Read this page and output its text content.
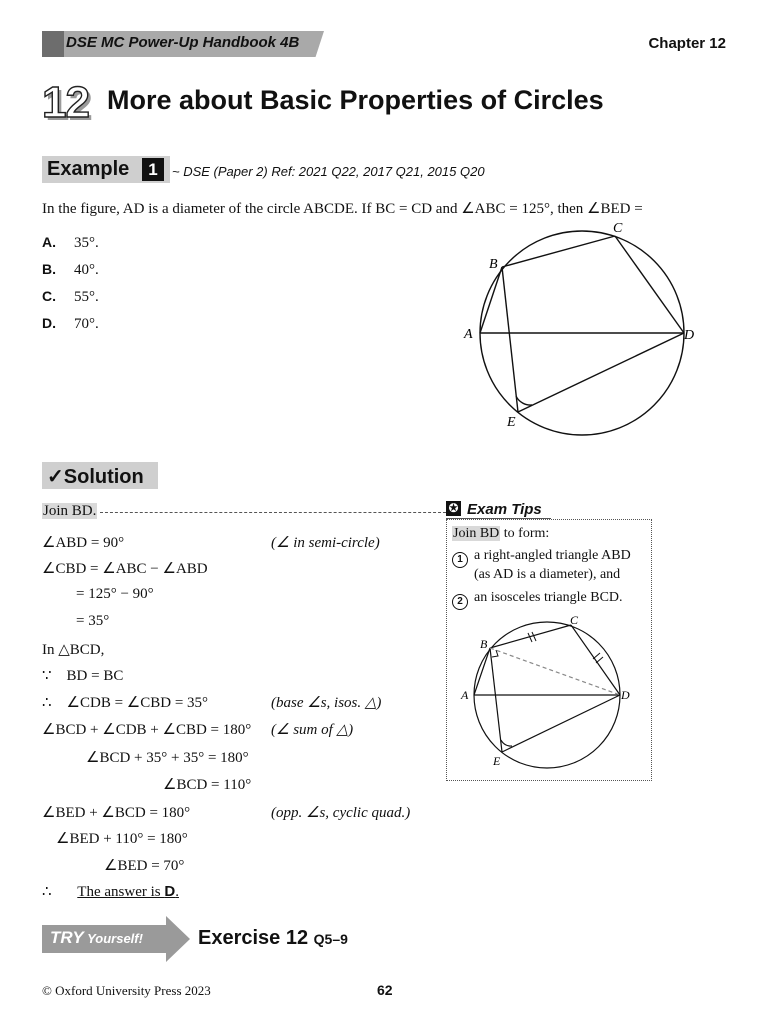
DSE MC Power-Up Handbook 4B	Chapter 12
12 More about Basic Properties of Circles
Example	1	~ DSE (Paper 2) Ref: 2021 Q22, 2017 Q21, 2015 Q20
In the figure, AD is a diameter of the circle ABCDE. If BC = CD and ∠ABC = 125°, then ∠BED =
A. 35°.
B. 40°.
C. 55°.
D. 70°.
A
B
C
D
E
✓Solution
Join BD.
∠ABD = 90°	(∠ in semi-circle)
∠CBD = ∠ABC − ∠ABD
= 125° − 90°
= 35°
In △BCD,
∵    BD = BC
∴    ∠CDB = ∠CBD = 35°	(base ∠s, isos. △)
∠BCD + ∠CDB + ∠CBD = 180° (∠ sum of △)
∠BCD + 35° + 35° = 180°
∠BCD = 110°
∠BED + ∠BCD = 180°	(opp. ∠s, cyclic quad.)
∠BED + 110° = 180°
∠BED = 70°
∴ The answer is D.
✪ Exam Tips
Join BD to form:
1 a right-angled triangle ABD
(as AD is a diameter), and
2 an isosceles triangle BCD.
A
B
C
D
E
TRY Yourself!	Exercise 12 Q5–9
© Oxford University Press 2023	62
